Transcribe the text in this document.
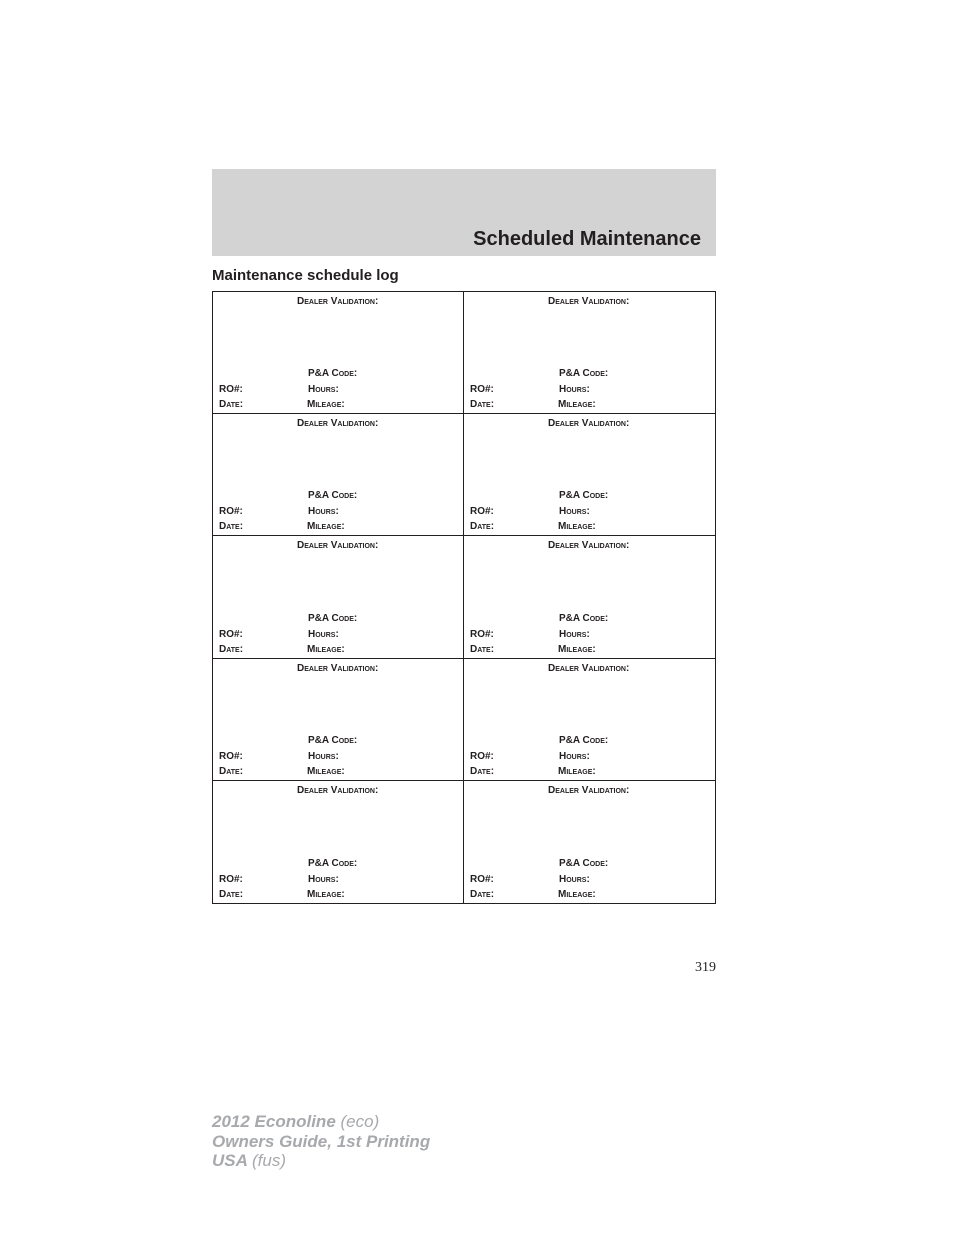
Scheduled Maintenance
Maintenance schedule log
Dealer Validation:
P&A Code:
RO#:	Hours:
Date:	Mileage:
Dealer Validation:
P&A Code:
RO#:	Hours:
Date:	Mileage:
Dealer Validation:
P&A Code:
RO#:	Hours:
Date:	Mileage:
Dealer Validation:
P&A Code:
RO#:	Hours:
Date:	Mileage:
Dealer Validation:
P&A Code:
RO#:	Hours:
Date:	Mileage:
Dealer Validation:
P&A Code:
RO#:	Hours:
Date:	Mileage:
Dealer Validation:
P&A Code:
RO#:	Hours:
Date:	Mileage:
Dealer Validation:
P&A Code:
RO#:	Hours:
Date:	Mileage:
Dealer Validation:
P&A Code:
RO#:	Hours:
Date:	Mileage:
Dealer Validation:
P&A Code:
RO#:	Hours:
Date:	Mileage:
319
2012 Econoline (eco)
Owners Guide, 1st Printing
USA (fus)
